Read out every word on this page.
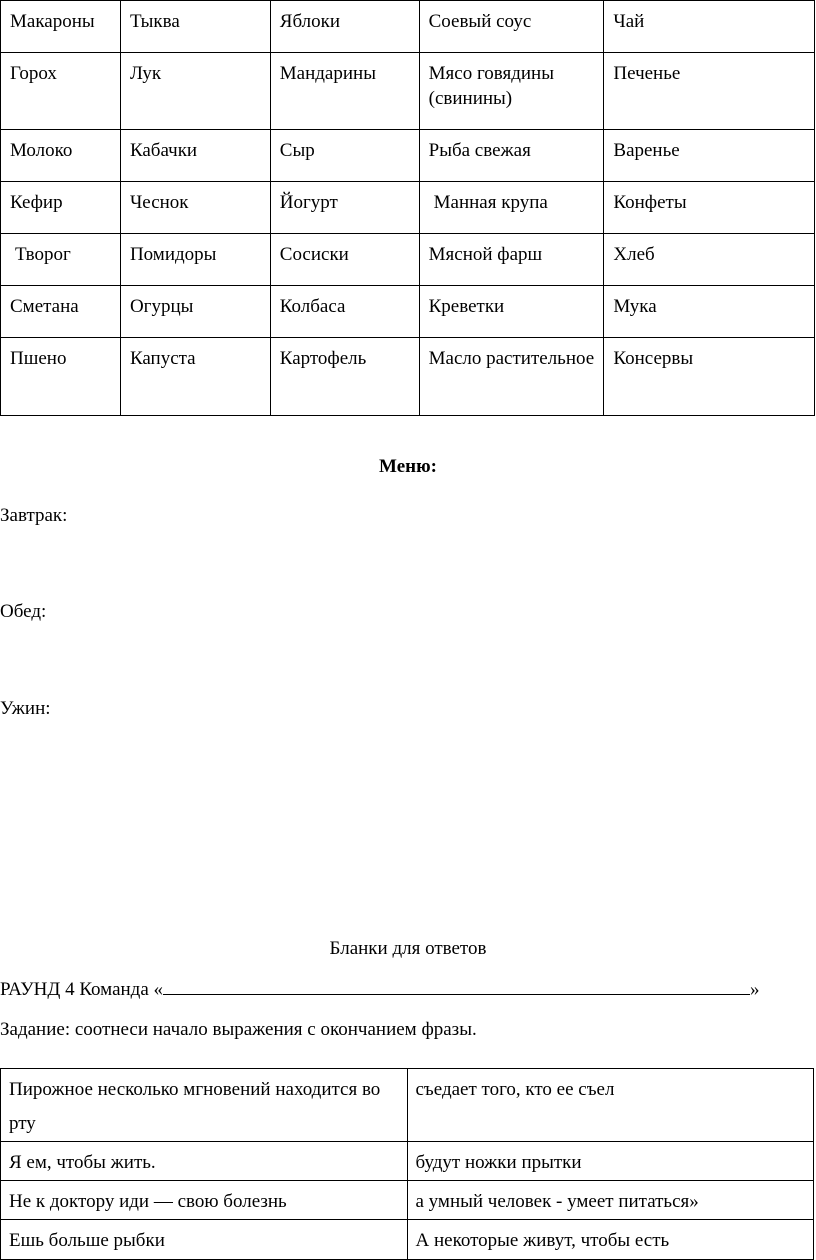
Макароны	Тыква	Яблоки	Соевый соус	Чай
Горох	Лук	Мандарины	Мясо говядины (свинины)	Печенье
Молоко	Кабачки	Сыр	Рыба свежая	Варенье
Кефир	Чеснок	Йогурт	Манная крупа	Конфеты
Творог	Помидоры	Сосиски	Мясной фарш	Хлеб
Сметана	Огурцы	Колбаса	Креветки	Мука
Пшено	Капуста	Картофель	Масло растительное	Консервы
Меню:
Завтрак:
Обед:
Ужин:
Бланки для ответов
РАУНД 4 Команда «	»
Задание: соотнеси начало выражения с окончанием фразы.
Пирожное несколько мгновений находится во рту	съедает того, кто ее съел
Я ем, чтобы жить.	будут ножки прытки
Не к доктору иди — свою болезнь	а умный человек - умеет питаться»
Ешь больше рыбки	А некоторые живут, чтобы есть
